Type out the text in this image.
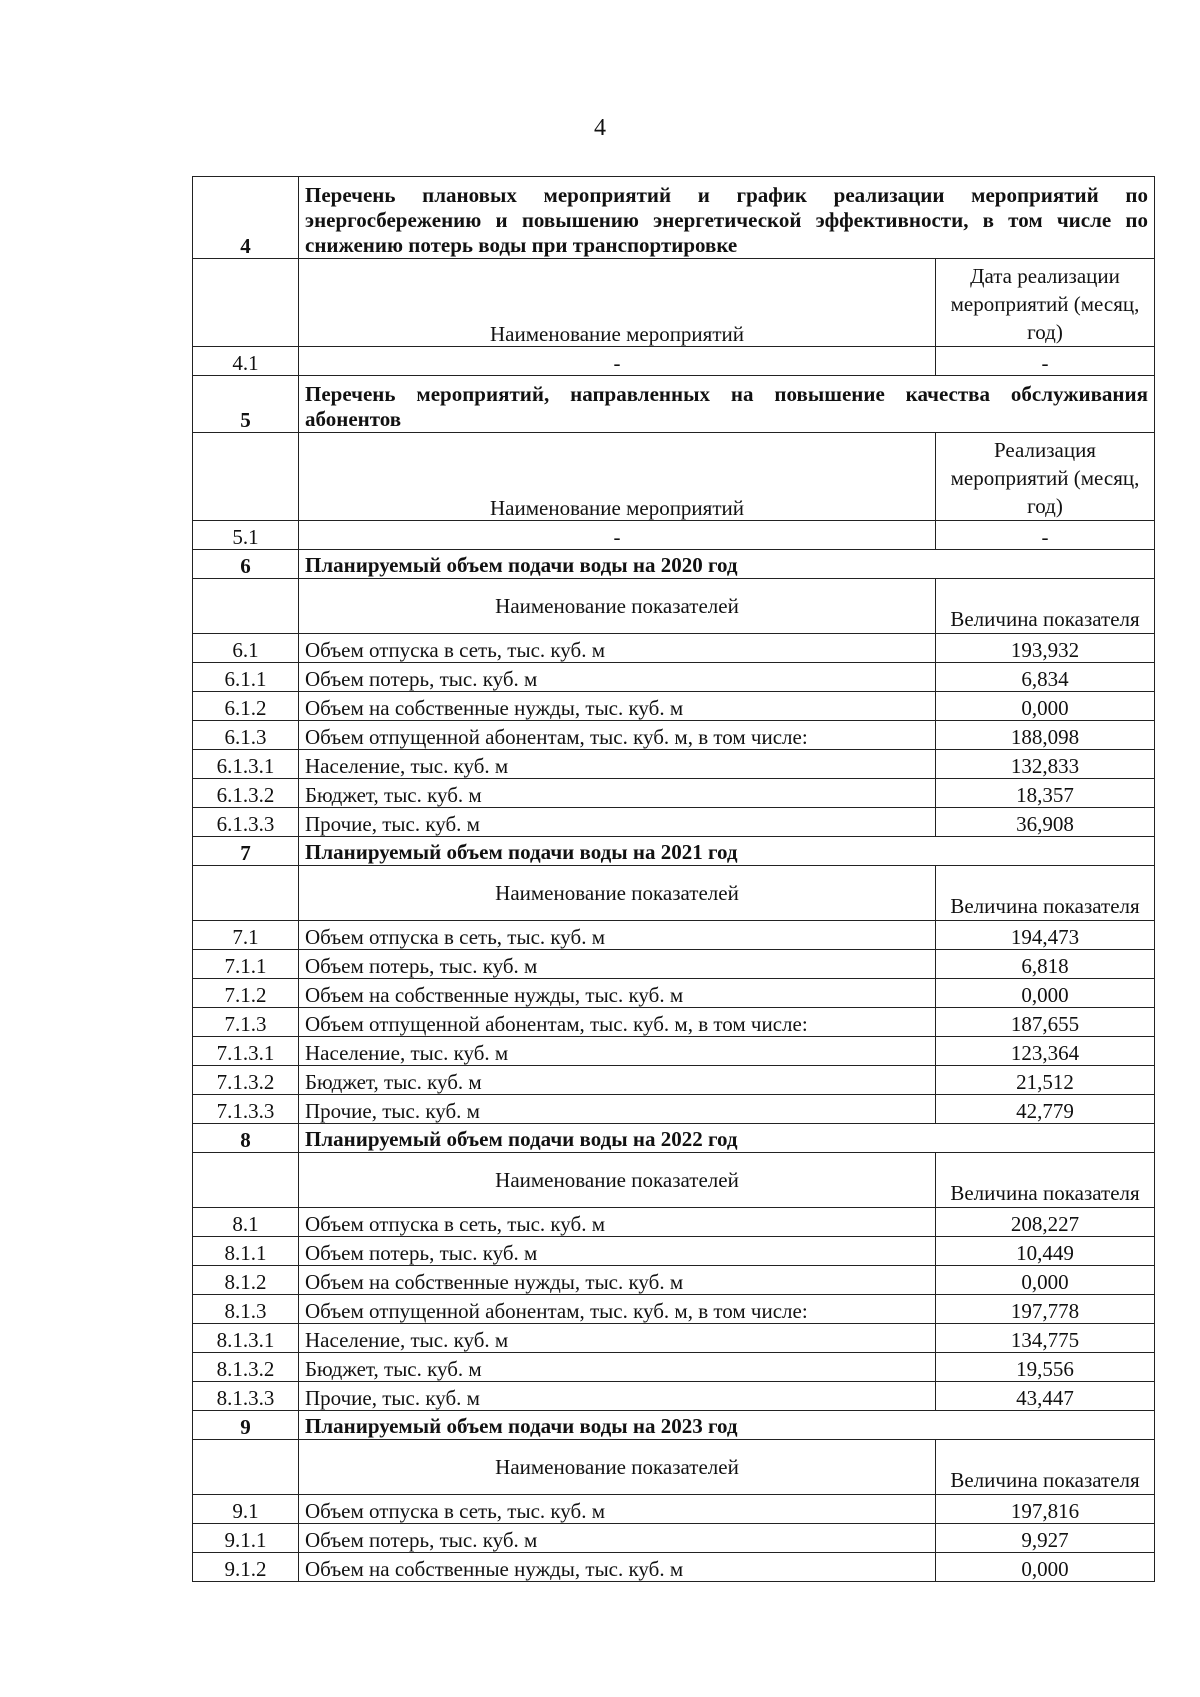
4
4	Перечень плановых мероприятий и график реализации мероприятий по энергосбережению и повышению энергетической эффективности, в том числе по снижению потерь воды при транспортировке	
	Наименование мероприятий	Дата реализации мероприятий (месяц, год)
4.1	-	-
5	Перечень мероприятий, направленных на повышение качества обслуживания абонентов	
	Наименование мероприятий	Реализация мероприятий (месяц, год)
5.1	-	-
6	Планируемый объем подачи воды на 2020 год	
	Наименование показателей	Величина показателя
6.1	Объем отпуска в сеть, тыс. куб. м	193,932
6.1.1	Объем потерь, тыс. куб. м	6,834
6.1.2	Объем на собственные нужды, тыс. куб. м	0,000
6.1.3	Объем отпущенной абонентам, тыс. куб. м, в том числе:	188,098
6.1.3.1	Население, тыс. куб. м	132,833
6.1.3.2	Бюджет, тыс. куб. м	18,357
6.1.3.3	Прочие, тыс. куб. м	36,908
7	Планируемый объем подачи воды на 2021 год	
	Наименование показателей	Величина показателя
7.1	Объем отпуска в сеть, тыс. куб. м	194,473
7.1.1	Объем потерь, тыс. куб. м	6,818
7.1.2	Объем на собственные нужды, тыс. куб. м	0,000
7.1.3	Объем отпущенной абонентам, тыс. куб. м, в том числе:	187,655
7.1.3.1	Население, тыс. куб. м	123,364
7.1.3.2	Бюджет, тыс. куб. м	21,512
7.1.3.3	Прочие, тыс. куб. м	42,779
8	Планируемый объем подачи воды на 2022 год	
	Наименование показателей	Величина показателя
8.1	Объем отпуска в сеть, тыс. куб. м	208,227
8.1.1	Объем потерь, тыс. куб. м	10,449
8.1.2	Объем на собственные нужды, тыс. куб. м	0,000
8.1.3	Объем отпущенной абонентам, тыс. куб. м, в том числе:	197,778
8.1.3.1	Население, тыс. куб. м	134,775
8.1.3.2	Бюджет, тыс. куб. м	19,556
8.1.3.3	Прочие, тыс. куб. м	43,447
9	Планируемый объем подачи воды на 2023 год	
	Наименование показателей	Величина показателя
9.1	Объем отпуска в сеть, тыс. куб. м	197,816
9.1.1	Объем потерь, тыс. куб. м	9,927
9.1.2	Объем на собственные нужды, тыс. куб. м	0,000
